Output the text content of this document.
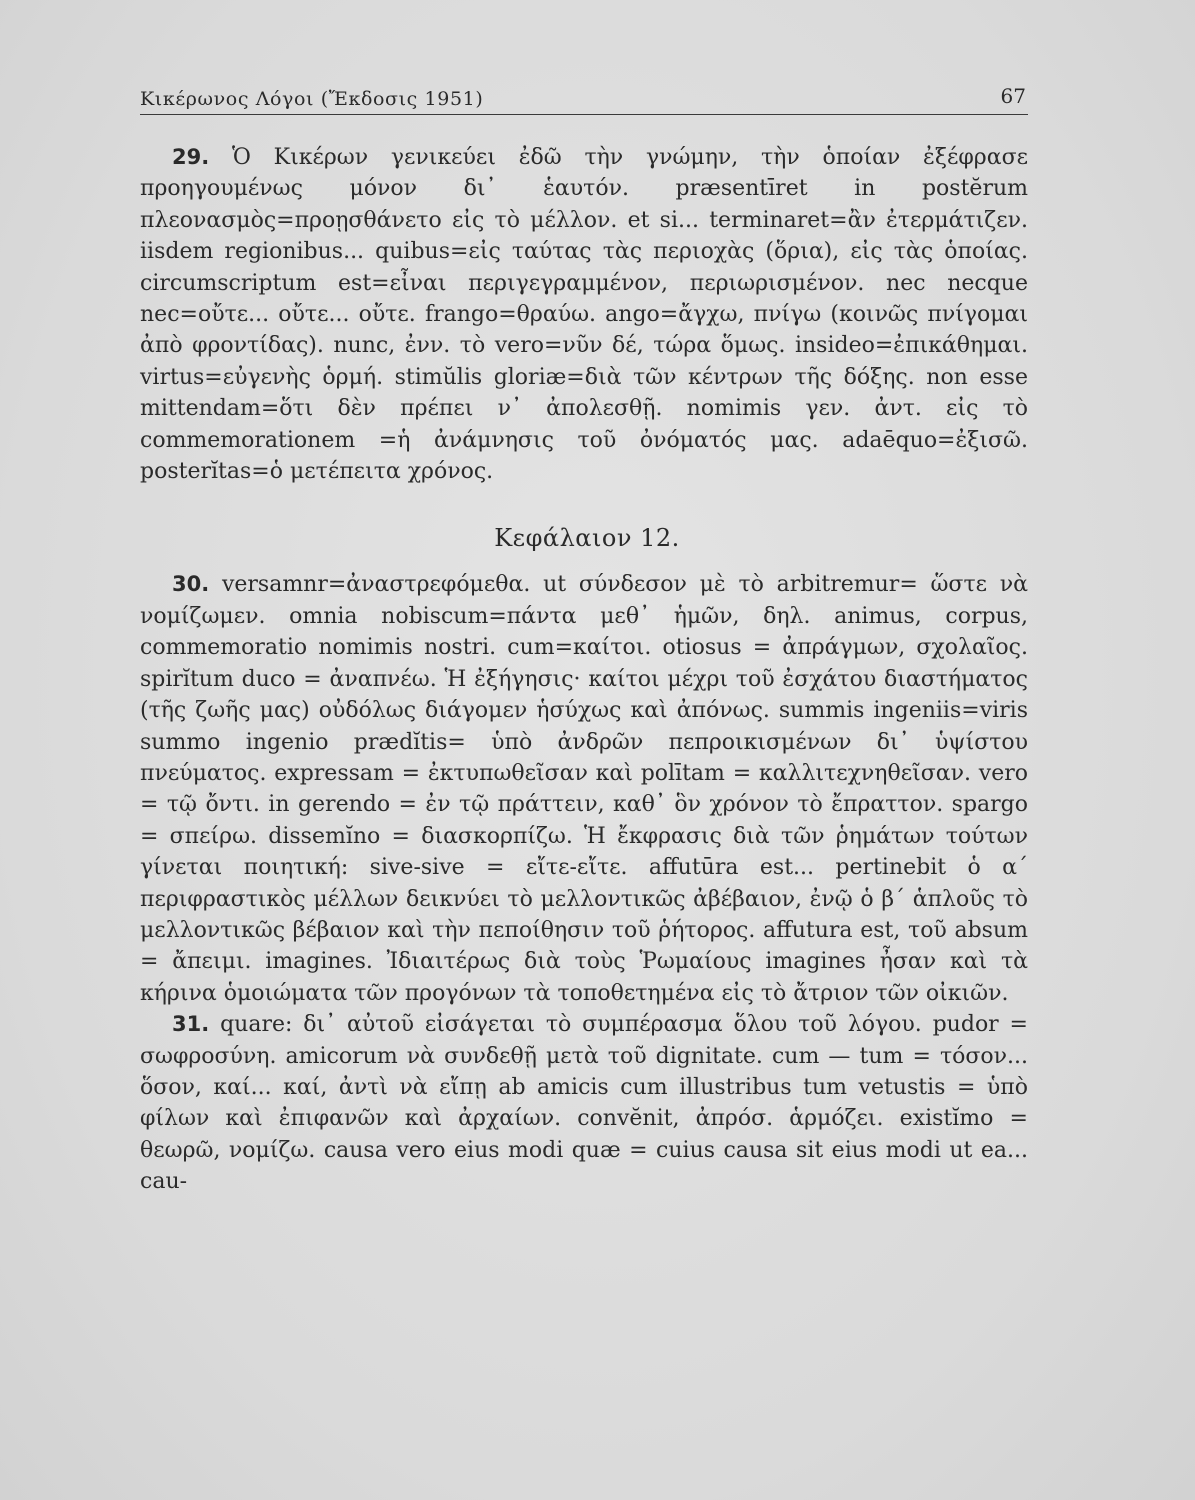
Κικέρωνος Λόγοι (Ἔκδοσις 1951)	67

29. Ὁ Κικέρων γενικεύει ἐδῶ τὴν γνώμην, τὴν ὁποίαν ἐξέφρασε προηγουμένως μόνον δι᾿ ἑαυτόν. præsentīret in postĕrum πλεονασμὸς=προῃσθάνετο εἰς τὸ μέλλον. et si... terminaret=ἂν ἐτερμάτιζεν. iisdem regionibus... quibus=εἰς ταύτας τὰς περιοχὰς (ὅρια), εἰς τὰς ὁποίας. circumscriptum est=εἶναι περιγεγραμμένον, περιωρισμένον. nec necque nec=οὔτε... οὔτε... οὔτε. frango=θραύω. ango=ἄγχω, πνίγω (κοινῶς πνίγομαι ἀπὸ φροντίδας). nunc, ἐνν. τὸ vero=νῦν δέ, τώρα ὅμως. insideo=ἐπικάθημαι. virtus=εὐγενὴς ὁρμή. stimŭlis gloriæ=διὰ τῶν κέντρων τῆς δόξης. non esse mittendam=ὅτι δὲν πρέπει ν᾿ ἀπολεσθῇ. nomimis γεν. ἀντ. εἰς τὸ commemorationem =ἡ ἀνάμνησις τοῦ ὀνόματός μας. adaēquo=ἐξισῶ. posterĭtas=ὁ μετέπειτα χρόνος.

Κεφάλαιον 12.

30. versamnr=ἀναστρεφόμεθα. ut σύνδεσον μὲ τὸ arbitremur= ὥστε νὰ νομίζωμεν. omnia nobiscum=πάντα μεθ᾿ ἡμῶν, δηλ. animus, corpus, commemoratio nomimis nostri. cum=καίτοι. otiosus = ἀπράγμων, σχολαῖος. spirĭtum duco = ἀναπνέω. Ἡ ἐξήγησις· καίτοι μέχρι τοῦ ἐσχάτου διαστήματος (τῆς ζωῆς μας) οὐδόλως διάγομεν ἡσύχως καὶ ἀπόνως. summis ingeniis=viris summo ingenio prædĭtis= ὑπὸ ἀνδρῶν πεπροικισμένων δι᾿ ὑψίστου πνεύματος. expressam = ἐκτυπωθεῖσαν καὶ polītam = καλλιτεχνηθεῖσαν. vero = τῷ ὄντι. in gerendo = ἐν τῷ πράττειν, καθ᾿ ὃν χρόνον τὸ ἔπραττον. spargo = σπείρω. dissemĭno = διασκορπίζω. Ἡ ἔκφρασις διὰ τῶν ῥημάτων τούτων γίνεται ποιητική: sive-sive = εἴτε-εἴτε. affutūra est... pertinebit ὁ α΄ περιφραστικὸς μέλλων δεικνύει τὸ μελλοντικῶς ἀβέβαιον, ἐνῷ ὁ β΄ ἁπλοῦς τὸ μελλοντικῶς βέβαιον καὶ τὴν πεποίθησιν τοῦ ῥήτορος. affutura est, τοῦ absum = ἄπειμι. imagines. Ἰδιαιτέρως διὰ τοὺς Ῥωμαίους imagines ἦσαν καὶ τὰ κήρινα ὁμοιώματα τῶν προγόνων τὰ τοποθετημένα εἰς τὸ ἄτριον τῶν οἰκιῶν.

31. quare: δι᾿ αὐτοῦ εἰσάγεται τὸ συμπέρασμα ὅλου τοῦ λόγου. pudor = σωφροσύνη. amicorum νὰ συνδεθῇ μετὰ τοῦ dignitate. cum — tum = τόσον... ὅσον, καί... καί, ἀντὶ νὰ εἴπῃ ab amicis cum illustribus tum vetustis = ὑπὸ φίλων καὶ ἐπιφανῶν καὶ ἀρχαίων. convĕnit, ἀπρόσ. ἁρμόζει. existĭmo = θεωρῶ, νομίζω. causa vero eius modi quæ = cuius causa sit eius modi ut ea... cau-
